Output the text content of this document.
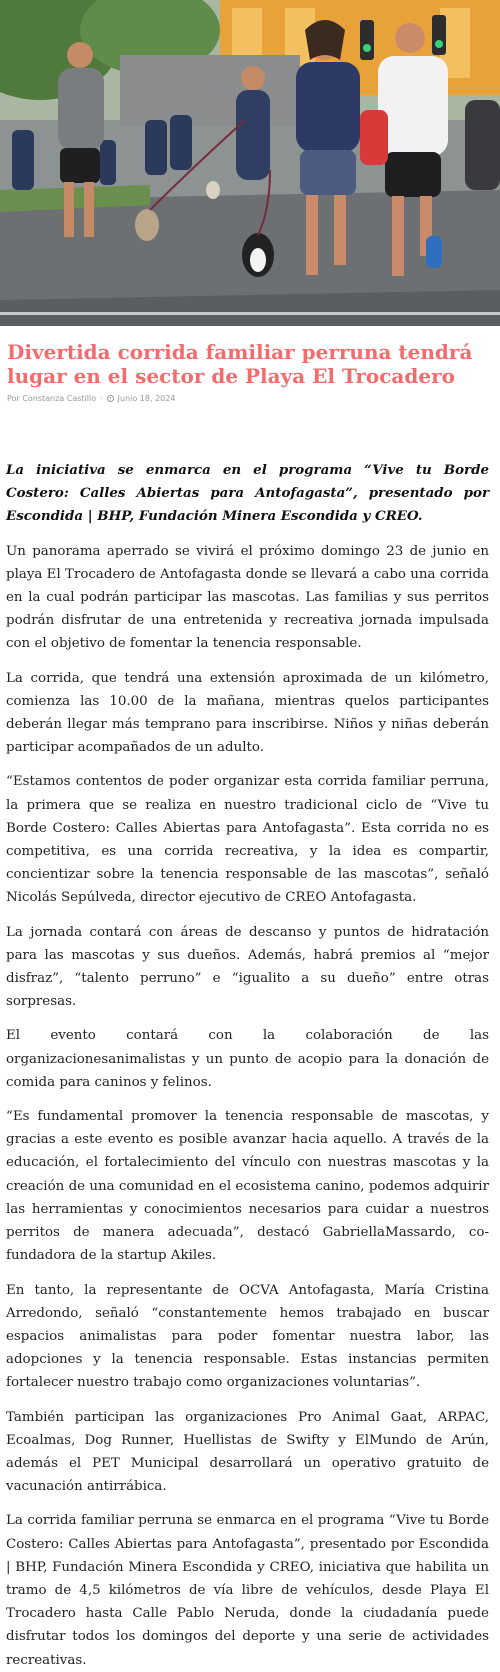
Divertida corrida familiar perruna tendrá lugar en el sector de Playa El Trocadero
Por Constanza Castillo · Junio 18, 2024

La iniciativa se enmarca en el programa “Vive tu Borde Costero: Calles Abiertas para Antofagasta”, presentado por Escondida | BHP, Fundación Minera Escondida y CREO.

Un panorama aperrado se vivirá el próximo domingo 23 de junio en playa El Trocadero de Antofagasta donde se llevará a cabo una corrida en la cual podrán participar las mascotas. Las familias y sus perritos podrán disfrutar de una entretenida y recreativa jornada impulsada con el objetivo de fomentar la tenencia responsable.

La corrida, que tendrá una extensión aproximada de un kilómetro, comienza las 10.00 de la mañana, mientras quelos participantes deberán llegar más temprano para inscribirse. Niños y niñas deberán participar acompañados de un adulto.

“Estamos contentos de poder organizar esta corrida familiar perruna, la primera que se realiza en nuestro tradicional ciclo de “Vive tu Borde Costero: Calles Abiertas para Antofagasta”. Esta corrida no es competitiva, es una corrida recreativa, y la idea es compartir, concientizar sobre la tenencia responsable de las mascotas”, señaló Nicolás Sepúlveda, director ejecutivo de CREO Antofagasta.

La jornada contará con áreas de descanso y puntos de hidratación para las mascotas y sus dueños. Además, habrá premios al “mejor disfraz”, “talento perruno” e “igualito a su dueño” entre otras sorpresas.

El evento contará con la colaboración de las organizacionesanimalistas y un punto de acopio para la donación de comida para caninos y felinos.

“Es fundamental promover la tenencia responsable de mascotas, y gracias a este evento es posible avanzar hacia aquello. A través de la educación, el fortalecimiento del vínculo con nuestras mascotas y la creación de una comunidad en el ecosistema canino, podemos adquirir las herramientas y conocimientos necesarios para cuidar a nuestros perritos de manera adecuada”, destacó GabriellaMassardo, co-fundadora de la startup Akiles.

En tanto, la representante de OCVA Antofagasta, María Cristina Arredondo, señaló “constantemente hemos trabajado en buscar espacios animalistas para poder fomentar nuestra labor, las adopciones y la tenencia responsable. Estas instancias permiten fortalecer nuestro trabajo como organizaciones voluntarias”.

También participan las organizaciones Pro Animal Gaat, ARPAC, Ecoalmas, Dog Runner, Huellistas de Swifty y ElMundo de Arún, además el PET Municipal desarrollará un operativo gratuito de vacunación antirrábica.

La corrida familiar perruna se enmarca en el programa “Vive tu Borde Costero: Calles Abiertas para Antofagasta”, presentado por Escondida | BHP, Fundación Minera Escondida y CREO, iniciativa que habilita un tramo de 4,5 kilómetros de vía libre de vehículos, desde Playa El Trocadero hasta Calle Pablo Neruda, donde la ciudadanía puede disfrutar todos los domingos del deporte y una serie de actividades recreativas.
